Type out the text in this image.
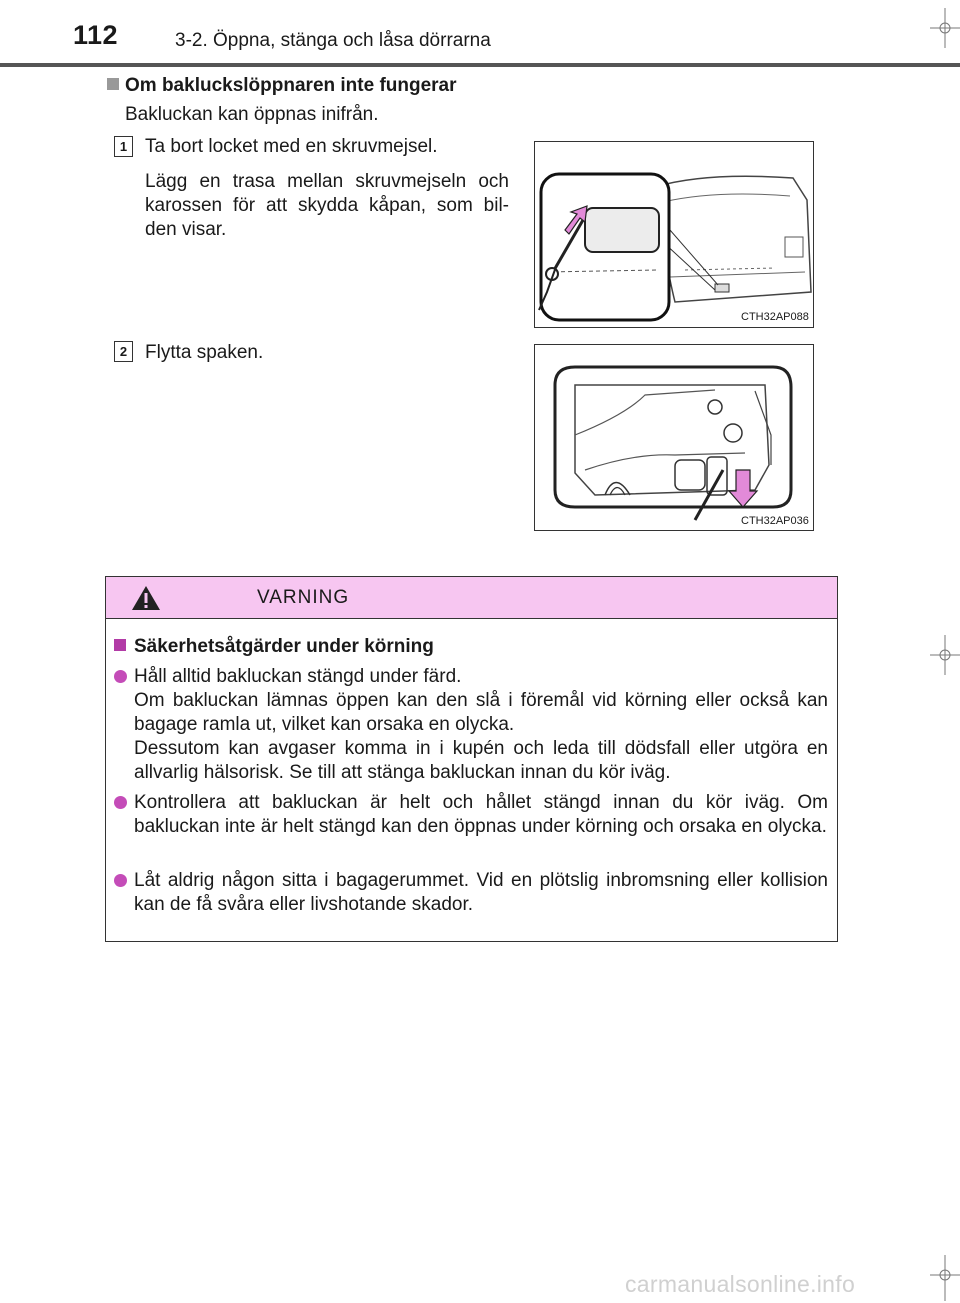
112	3-2. Öppna, stänga och låsa dörrarna
Om bakluckslöppnaren inte fungerar
Bakluckan kan öppnas inifrån.
1 Ta bort locket med en skruvmejsel.
Lägg en trasa mellan skruvmejseln och karossen för att skydda kåpan, som bil- den visar.
CTH32AP088
2 Flytta spaken.
CTH32AP036
VARNING
Säkerhetsåtgärder under körning

Håll alltid bakluckan stängd under färd.

Om bakluckan lämnas öppen kan den slå i föremål vid körning eller också kan bagage ramla ut, vilket kan orsaka en olycka.

Dessutom kan avgaser komma in i kupén och leda till dödsfall eller utgöra en allvarlig hälsorisk. Se till att stänga bakluckan innan du kör iväg.

Kontrollera att bakluckan är helt och hållet stängd innan du kör iväg. Om bakluckan inte är helt stängd kan den öppnas under körning och orsaka en olycka.

Låt aldrig någon sitta i bagagerummet. Vid en plötslig inbromsning eller kollision kan de få svåra eller livshotande skador.

carmanualsonline.info
